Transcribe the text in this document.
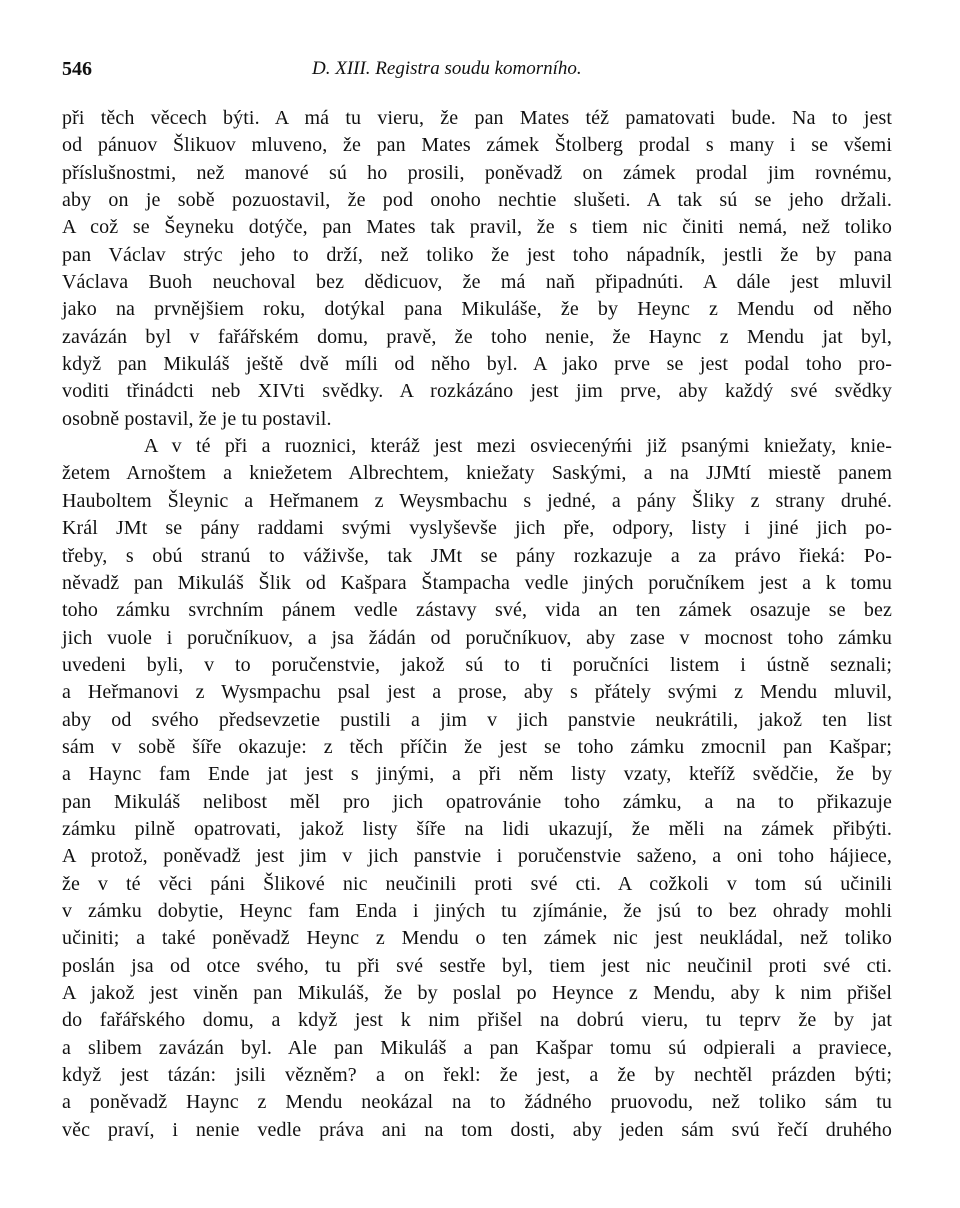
546	D. XIII. Registra soudu komorního.
při těch věcech býti. A má tu vieru, že pan Mates též pamatovati bude. Na to jest
od pánuov Šlikuov mluveno, že pan Mates zámek Štolberg prodal s many i se všemi
příslušnostmi, než manové sú ho prosili, poněvadž on zámek prodal jim rovnému,
aby on je sobě pozuostavil, že pod onoho nechtie slušeti. A tak sú se jeho držali.
A což se Šeyneku dotýče, pan Mates tak pravil, že s tiem nic činiti nemá, než toliko
pan Václav strýc jeho to drží, než toliko že jest toho nápadník, jestli že by pana
Václava Buoh neuchoval bez dědicuov, že má naň připadnúti. A dále jest mluvil
jako na prvnějšiem roku, dotýkal pana Mikuláše, že by Heync z Mendu od něho
zavázán byl v fařářském domu, pravě, že toho nenie, že Haync z Mendu jat byl,
když pan Mikuláš ještě dvě míli od něho byl. A jako prve se jest podal toho pro-
voditi třinádcti neb XIVti svědky. A rozkázáno jest jim prve, aby každý své svědky
osobně postavil, že je tu postavil.
A v té při a ruoznici, kteráž jest mezi osviecenýḿi již psanými kniežaty, knie-
žetem Arnoštem a kniežetem Albrechtem, kniežaty Saskými, a na JJMtí miestě panem
Hauboltem Šleynic a Heřmanem z Weysmbachu s jedné, a pány Šliky z strany druhé.
Král JMt se pány raddami svými vyslyševše jich pře, odpory, listy i jiné jich po-
třeby, s obú stranú to váživše, tak JMt se pány rozkazuje a za právo řieká: Po-
něvadž pan Mikuláš Šlik od Kašpara Štampacha vedle jiných poručníkem jest a k tomu
toho zámku svrchním pánem vedle zástavy své, vida an ten zámek osazuje se bez
jich vuole i poručníkuov, a jsa žádán od poručníkuov, aby zase v mocnost toho zámku
uvedeni byli, v to poručenstvie, jakož sú to ti poručníci listem i ústně seznali;
a Heřmanovi z Wysmpachu psal jest a prose, aby s přátely svými z Mendu mluvil,
aby od svého předsevzetie pustili a jim v jich panstvie neukrátili, jakož ten list
sám v sobě šíře okazuje: z těch příčin že jest se toho zámku zmocnil pan Kašpar;
a Haync fam Ende jat jest s jinými, a při něm listy vzaty, kteříž svědčie, že by
pan Mikuláš nelibost měl pro jich opatrovánie toho zámku, a na to přikazuje
zámku pilně opatrovati, jakož listy šíře na lidi ukazují, že měli na zámek přibýti.
A protož, poněvadž jest jim v jich panstvie i poručenstvie saženo, a oni toho hájiece,
že v té věci páni Šlikové nic neučinili proti své cti. A cožkoli v tom sú učinili
v zámku dobytie, Heync fam Enda i jiných tu zjímánie, že jsú to bez ohrady mohli
učiniti; a také poněvadž Heync z Mendu o ten zámek nic jest neukládal, než toliko
poslán jsa od otce svého, tu při své sestře byl, tiem jest nic neučinil proti své cti.
A jakož jest viněn pan Mikuláš, že by poslal po Heynce z Mendu, aby k nim přišel
do fařářského domu, a když jest k nim přišel na dobrú vieru, tu teprv že by jat
a slibem zavázán byl. Ale pan Mikuláš a pan Kašpar tomu sú odpierali a praviece,
když jest tázán: jsili vězněm? a on řekl: že jest, a že by nechtěl prázden býti;
a poněvadž Haync z Mendu neokázal na to žádného pruovodu, než toliko sám tu
věc praví, i nenie vedle práva ani na tom dosti, aby jeden sám svú řečí druhého
